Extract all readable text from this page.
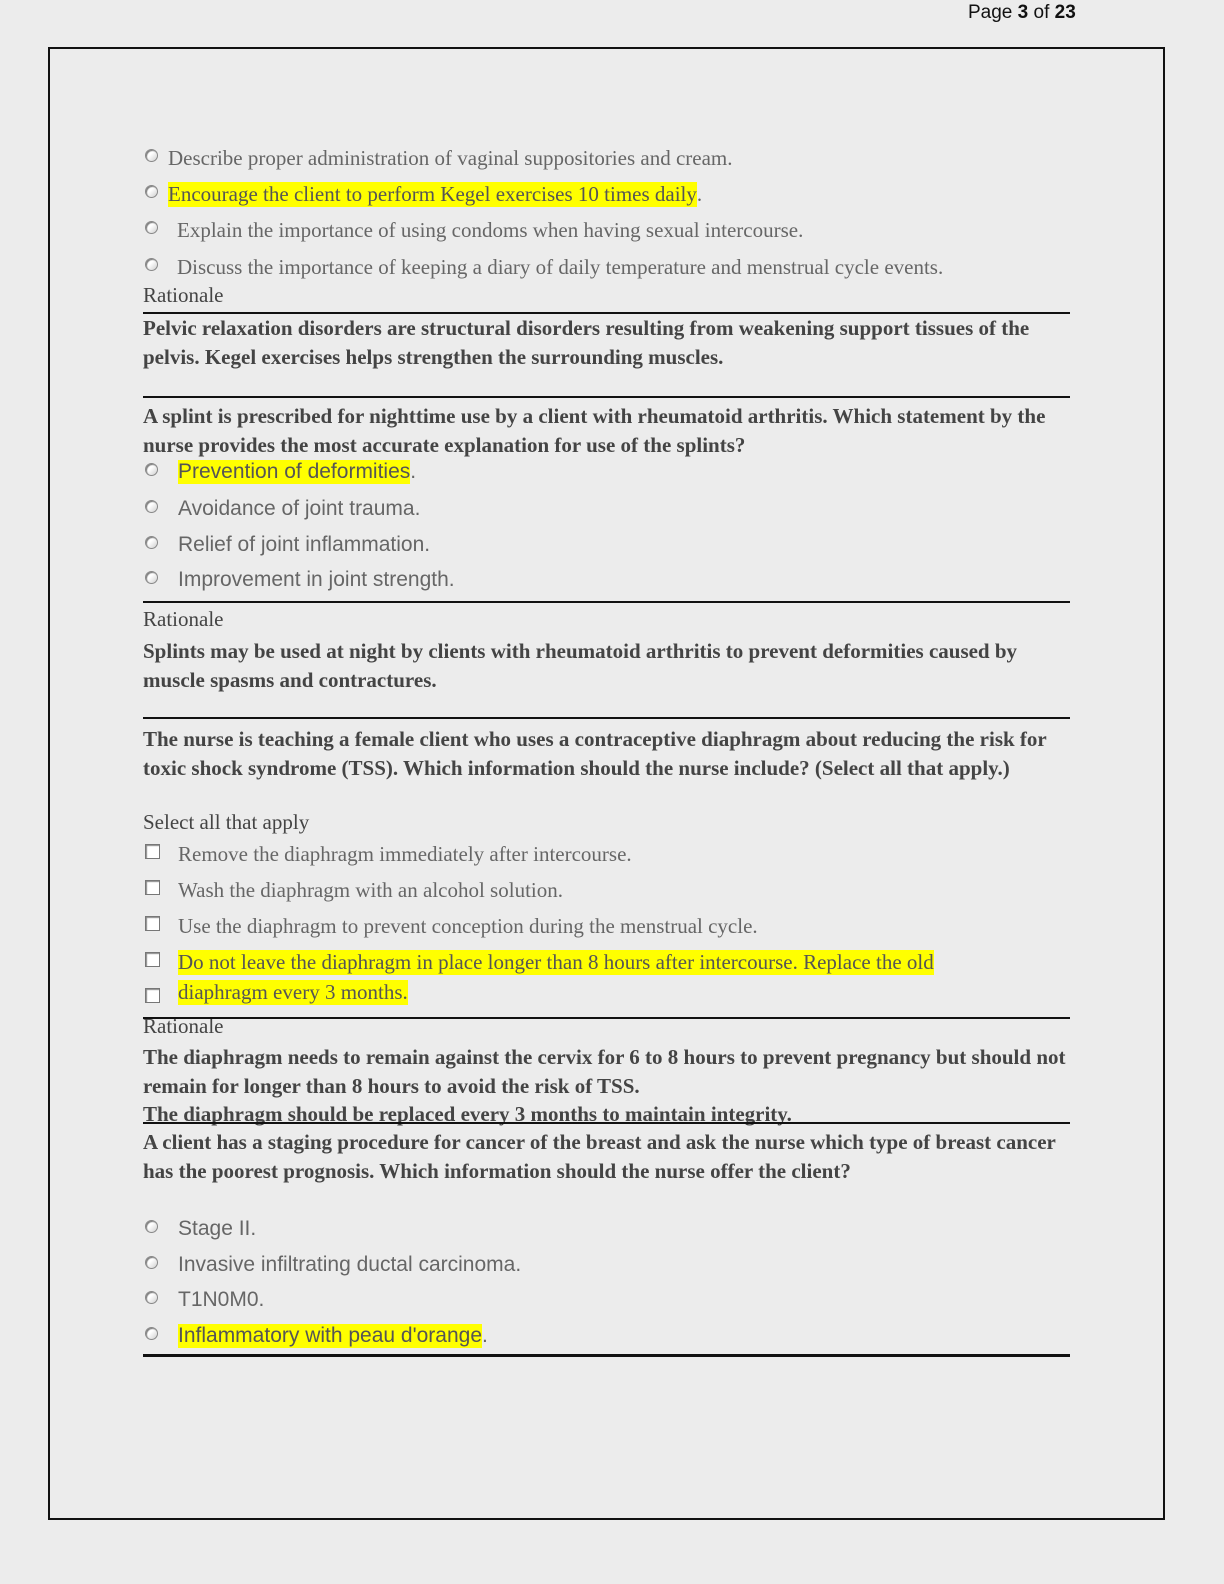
Page 3 of 23
Describe proper administration of vaginal suppositories and cream.
Encourage the client to perform Kegel exercises 10 times daily .
Explain the importance of using condoms when having sexual intercourse.
Discuss the importance of keeping a diary of daily temperature and menstrual cycle events.
Rationale
Pelvic relaxation disorders are structural disorders resulting from weakening support tissues of the pelvis. Kegel exercises helps strengthen the surrounding muscles.
A splint is prescribed for nighttime use by a client with rheumatoid arthritis. Which statement by the nurse provides the most accurate explanation for use of the splints?
Prevention of deformities .
Avoidance of joint trauma.
Relief of joint inflammation.
Improvement in joint strength.
Rationale
Splints may be used at night by clients with rheumatoid arthritis to prevent deformities caused by muscle spasms and contractures.
The nurse is teaching a female client who uses a contraceptive diaphragm about reducing the risk for toxic shock syndrome (TSS). Which information should the nurse include? (Select all that apply.)
Select all that apply
Remove the diaphragm immediately after intercourse.
Wash the diaphragm with an alcohol solution.
Use the diaphragm to prevent conception during the menstrual cycle.
Do not leave the diaphragm in place longer than 8 hours after intercourse. Replace the old
diaphragm every 3 months.
Rationale
The diaphragm needs to remain against the cervix for 6 to 8 hours to prevent pregnancy but should not remain for longer than 8 hours to avoid the risk of TSS.
The diaphragm should be replaced every 3 months to maintain integrity.
A client has a staging procedure for cancer of the breast and ask the nurse which type of breast cancer has the poorest prognosis. Which information should the nurse offer the client?
Stage II.
Invasive infiltrating ductal carcinoma.
T1N0M0.
Inflammatory with peau d'orange .
